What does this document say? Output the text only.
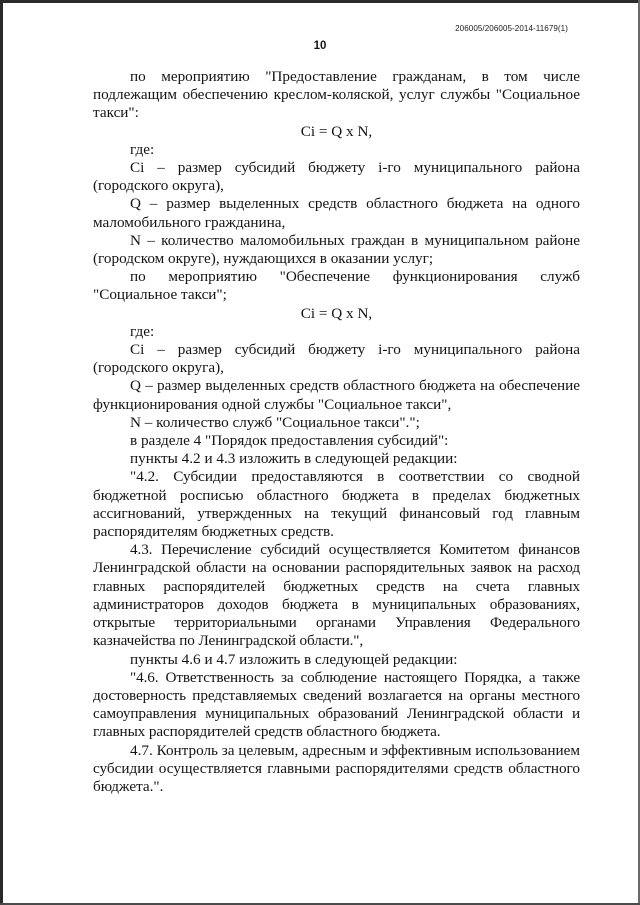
206005/206005-2014-11679(1)
10

по мероприятию "Предоставление гражданам, в том числе подлежащим обеспечению креслом-коляской, услуг службы "Социальное такси":

Ci = Q x N,

где:

Ci – размер субсидий бюджету i-го муниципального района (городского округа),

Q – размер выделенных средств областного бюджета на одного маломобильного гражданина,

N – количество маломобильных граждан в муниципальном районе (городском округе), нуждающихся в оказании услуг;

по мероприятию "Обеспечение функционирования служб "Социальное такси";

Ci = Q x N,

где:

Ci – размер субсидий бюджету i-го муниципального района (городского округа),

Q – размер выделенных средств областного бюджета на обеспечение функционирования одной службы "Социальное такси",

N – количество служб "Социальное такси".";

в разделе 4 "Порядок предоставления субсидий":

пункты 4.2 и 4.3 изложить в следующей редакции:

"4.2. Субсидии предоставляются в соответствии со сводной бюджетной росписью областного бюджета в пределах бюджетных ассигнований, утвержденных на текущий финансовый год главным распорядителям бюджетных средств.

4.3. Перечисление субсидий осуществляется Комитетом финансов Ленинградской области на основании распорядительных заявок на расход главных распорядителей бюджетных средств на счета главных администраторов доходов бюджета в муниципальных образованиях, открытые территориальными органами Управления Федерального казначейства по Ленинградской области.",

пункты 4.6 и 4.7 изложить в следующей редакции:

"4.6. Ответственность за соблюдение настоящего Порядка, а также достоверность представляемых сведений возлагается на органы местного самоуправления муниципальных образований Ленинградской области и главных распорядителей средств областного бюджета.

4.7. Контроль за целевым, адресным и эффективным использованием субсидии осуществляется главными распорядителями средств областного бюджета.".
